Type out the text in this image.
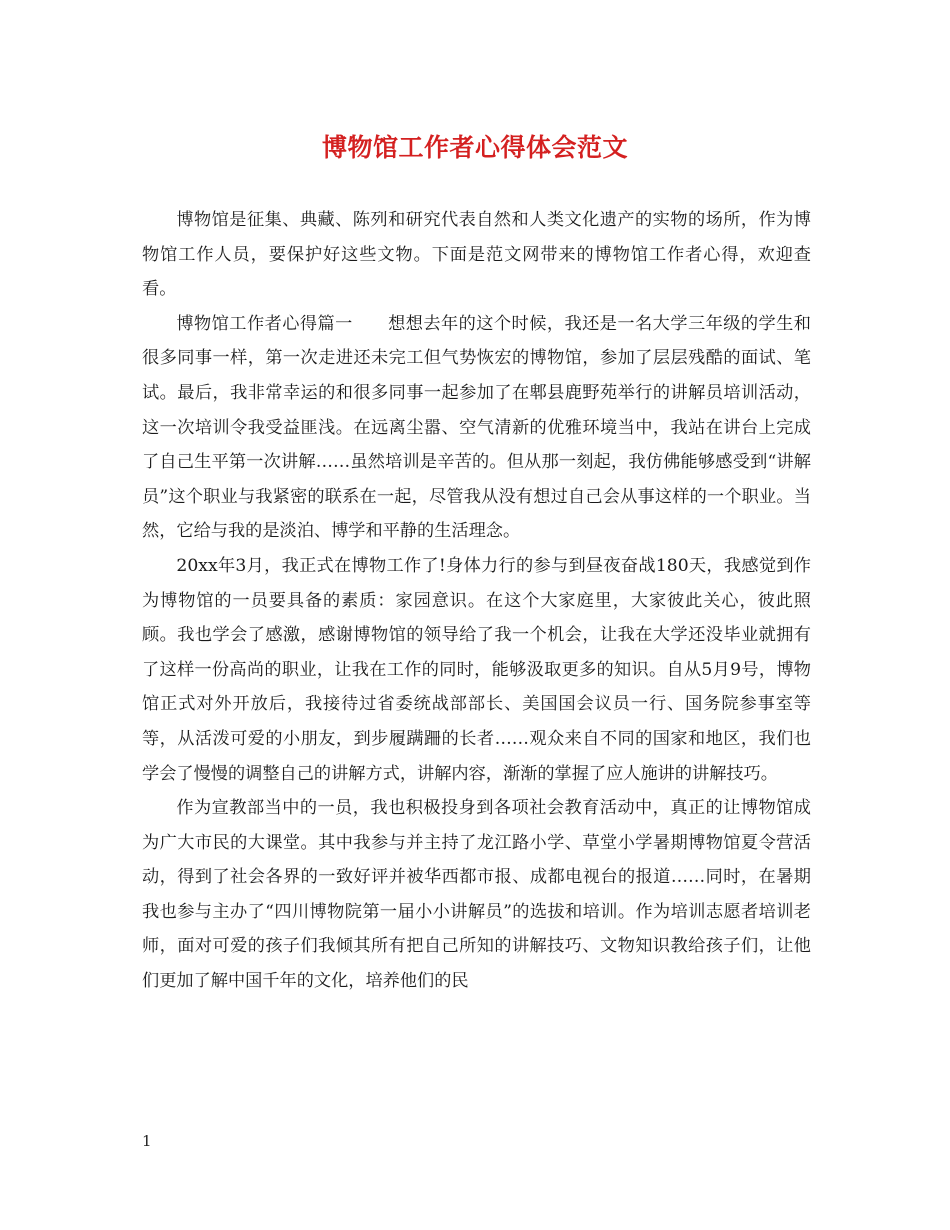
博物馆工作者心得体会范文

博物馆是征集、典藏、陈列和研究代表自然和人类文化遗产的实物的场所，作为博物馆工作人员，要保护好这些文物。下面是范文网带来的博物馆工作者心得，欢迎查看。

博物馆工作者心得篇一　　想想去年的这个时候，我还是一名大学三年级的学生和很多同事一样，第一次走进还未完工但气势恢宏的博物馆，参加了层层残酷的面试、笔试。最后，我非常幸运的和很多同事一起参加了在郫县鹿野苑举行的讲解员培训活动，这一次培训令我受益匪浅。在远离尘嚣、空气清新的优雅环境当中，我站在讲台上完成了自己生平第一次讲解……虽然培训是辛苦的。但从那一刻起，我仿佛能够感受到“讲解员”这个职业与我紧密的联系在一起，尽管我从没有想过自己会从事这样的一个职业。当然，它给与我的是淡泊、博学和平静的生活理念。

20xx年3月，我正式在博物工作了!身体力行的参与到昼夜奋战180天，我感觉到作为博物馆的一员要具备的素质：家园意识。在这个大家庭里，大家彼此关心，彼此照顾。我也学会了感激，感谢博物馆的领导给了我一个机会，让我在大学还没毕业就拥有了这样一份高尚的职业，让我在工作的同时，能够汲取更多的知识。自从5月9号，博物馆正式对外开放后，我接待过省委统战部部长、美国国会议员一行、国务院参事室等等，从活泼可爱的小朋友，到步履蹒跚的长者……观众来自不同的国家和地区，我们也学会了慢慢的调整自己的讲解方式，讲解内容，渐渐的掌握了应人施讲的讲解技巧。

作为宣教部当中的一员，我也积极投身到各项社会教育活动中，真正的让博物馆成为广大市民的大课堂。其中我参与并主持了龙江路小学、草堂小学暑期博物馆夏令营活动，得到了社会各界的一致好评并被华西都市报、成都电视台的报道……同时，在暑期我也参与主办了“四川博物院第一届小小讲解员”的选拔和培训。作为培训志愿者培训老师，面对可爱的孩子们我倾其所有把自己所知的讲解技巧、文物知识教给孩子们，让他们更加了解中国千年的文化，培养他们的民

1
